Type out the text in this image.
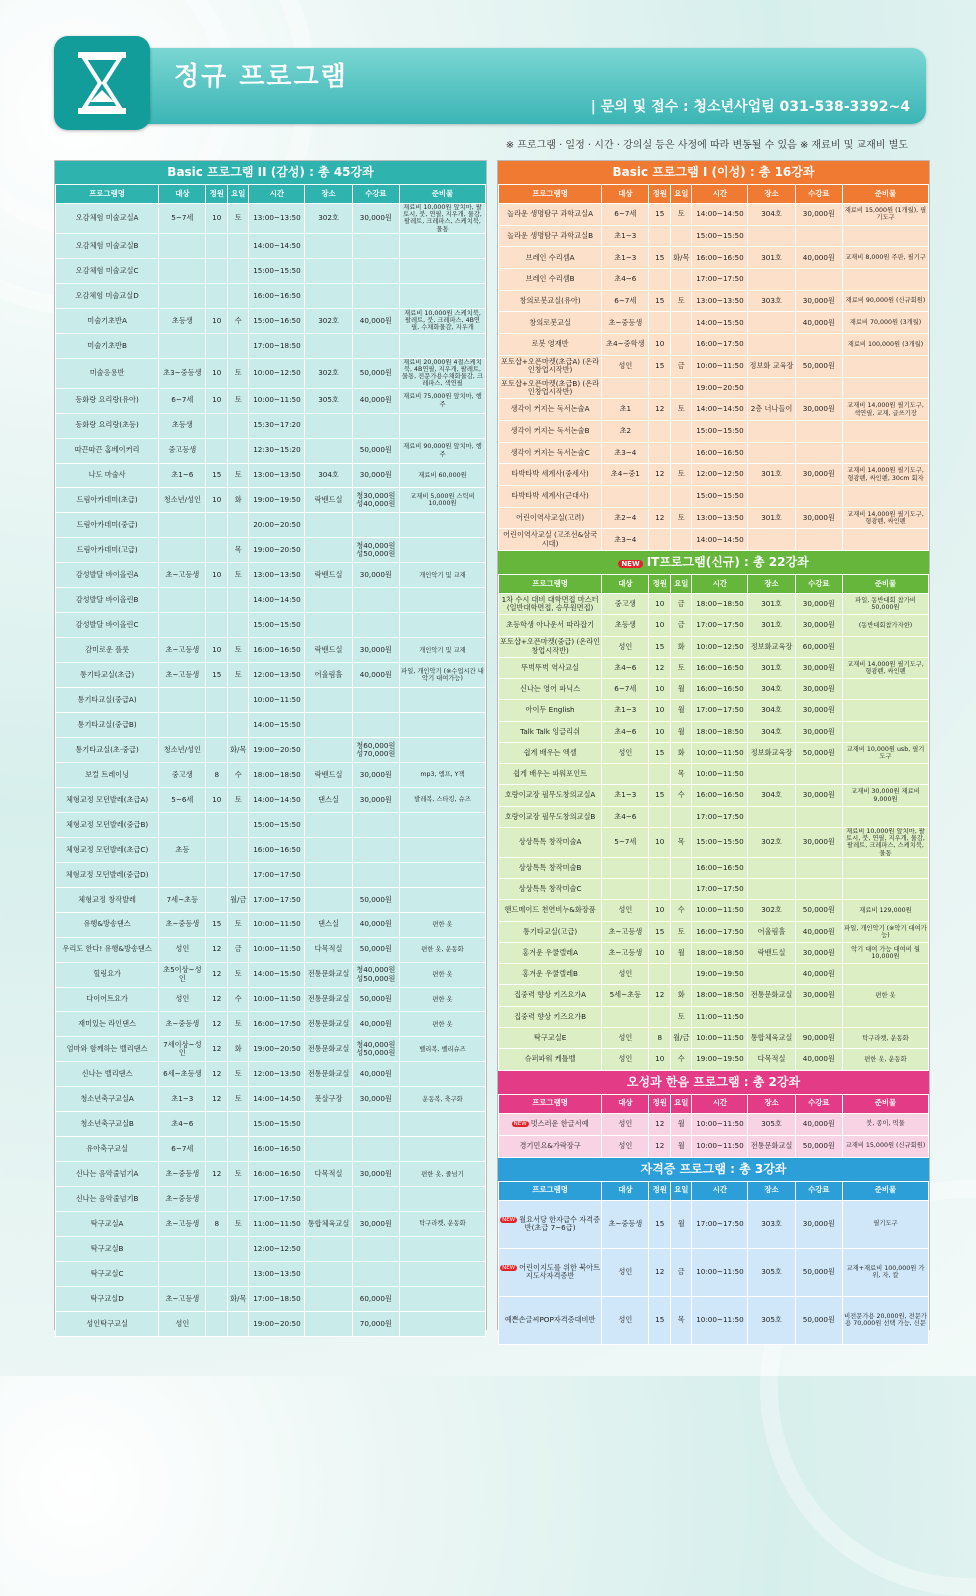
정규 프로그램
| 문의 및 접수 : 청소년사업팀 031-538-3392~4
※ 프로그램 · 일정 · 시간 · 강의실 등은 사정에 따라 변동될 수 있음 ※ 재료비 및 교재비 별도
Basic 프로그램 II (감성) : 총 45강좌
프로그램명	대상	정원	요일	시간	장소	수강료	준비물
오감체험 미술교실A	5~7세	10	토	13:00~13:50	302호	30,000원	재료비 10,000원 앞치마, 팔토시, 붓, 연필, 지우개, 물감, 팔레트, 크레파스, 스케치북, 물통
오감체험 미술교실B				14:00~14:50			
오감체험 미술교실C				15:00~15:50			
오감체험 미술교실D				16:00~16:50			
미술기초반A	초등생	10	수	15:00~16:50	302호	40,000원	재료비 10,000원 스케치북, 팔레트, 붓, 크레파스, 4B연필, 수채화물감, 지우개
미술기초반B				17:00~18:50			
미술응용반	초3~중등생	10	토	10:00~12:50	302호	50,000원	재료비 20,000원 4절스케치북, 4B연필, 지우개, 팔레트, 물통, 전문가용수채화물감, 크레파스, 색연필
동화랑 요리랑(유아)	6~7세	10	토	10:00~11:50	305호	40,000원	재료비 75,000원 앞치마, 행주
동화랑 요리랑(초등)	초등생			15:30~17:20			
따끈따끈 홈베이커리	중고등생			12:30~15:20		50,000원	재료비 90,000원 앞치마, 행주
나도 마술사	초1~6	15	토	13:00~13:50	304호	30,000원	재료비 60,000원
드림아카데미(초급)	청소년/성인	10	화	19:00~19:50	락밴드실	청30,000원 성40,000원	교재비 5,000원 스틱비 10,000원
드림아카데미(중급)				20:00~20:50			
드림아카데미(고급)			목	19:00~20:50		청40,000원 성50,000원	
감성발달 바이올린A	초~고등생	10	토	13:00~13:50	락밴드실	30,000원	개인악기 및 교재
감성발달 바이올린B				14:00~14:50			
감성발달 바이올린C				15:00~15:50			
감미로운 플룻	초~고등생	10	토	16:00~16:50	락밴드실	30,000원	개인악기 및 교재
통기타교실(초급)	초~고등생	15	토	12:00~13:50	어울림홀	40,000원	파일, 개인악기 (※수업시간 내 악기 대여가능)
통기타교실(중급A)				10:00~11:50			
통기타교실(중급B)				14:00~15:50			
통기타교실(초·중급)	청소년/성인		화/목	19:00~20:50		청60,000원 성70,000원	
보컬 트레이닝	중고생	8	수	18:00~18:50	락밴드실	30,000원	mp3, 엠프, Y잭
체형교정 모던발레(초급A)	5~6세	10	토	14:00~14:50	댄스실	30,000원	발레복, 스타킹, 슈즈
체형교정 모던발레(중급B)				15:00~15:50			
체형교정 모던발레(초급C)	초등			16:00~16:50			
체형교정 모던발레(중급D)				17:00~17:50			
체형교정 창작발레	7세~초등		월/금	17:00~17:50		50,000원	
유행&방송댄스	초~중등생	15	토	10:00~11:50	댄스실	40,000원	편한 옷
우리도 한다! 유행&방송댄스	성인	12	금	10:00~11:50	다목적실	50,000원	편한 옷, 운동화
힐링요가	초5이상~성인	12	토	14:00~15:50	전통문화교실	청40,000원 성50,000원	편한 옷
다이어트요가	성인	12	수	10:00~11:50	전통문화교실	50,000원	편한 옷
재미있는 라인댄스	초~중등생	12	토	16:00~17:50	전통문화교실	40,000원	편한 옷
엄마와 함께하는 벨리댄스	7세이상~성인	12	화	19:00~20:50	전통문화교실	청40,000원 성50,000원	벨리복, 벨리슈즈
신나는 벨리댄스	6세~초등생	12	토	12:00~13:50	전통문화교실	40,000원	
청소년축구교실A	초1~3	12	토	14:00~14:50	풋살구장	30,000원	운동복, 축구화
청소년축구교실B	초4~6			15:00~15:50			
유아축구교실	6~7세			16:00~16:50			
신나는 음악줄넘기A	초~중등생	12	토	16:00~16:50	다목적실	30,000원	편한 옷, 줄넘기
신나는 음악줄넘기B	초~중등생			17:00~17:50			
탁구교실A	초~고등생	8	토	11:00~11:50	통합체육교실	30,000원	탁구라켓, 운동화
탁구교실B				12:00~12:50			
탁구교실C				13:00~13:50			
탁구교실D	초~고등생		화/목	17:00~18:50		60,000원	
성인탁구교실	성인			19:00~20:50		70,000원	
Basic 프로그램 I (이성) : 총 16강좌
프로그램명	대상	정원	요일	시간	장소	수강료	준비물
놀라운 생명탐구 과학교실A	6~7세	15	토	14:00~14:50	304호	30,000원	재료비 15,000원 (1개월), 필기도구
놀라운 생명탐구 과학교실B	초1~3			15:00~15:50			
브레인 수리셈A	초1~3	15	화/목	16:00~16:50	301호	40,000원	교재비 8,000원 주판, 필기구
브레인 수리셈B	초4~6			17:00~17:50			
창의로봇교실(유아)	6~7세	15	토	13:00~13:50	303호	30,000원	재료비 90,000원 (신규회원)
창의로봇교실	초~중등생			14:00~15:50		40,000원	재료비 70,000원 (3개월)
로봇 영재반	초4~중학생	10		16:00~17:50			재료비 100,000원 (3개월)
포토샵+오픈마켓(초급A) (온라인창업시작반)	성인	15	금	10:00~11:50	정보화 교육장	50,000원	
포토샵+오픈마켓(초급B) (온라인창업시작반)				19:00~20:50			
생각이 커지는 독서논술A	초1	12	토	14:00~14:50	2층 너나들이	30,000원	교재비 14,000원 필기도구, 색연필, 교재, 글쓰기장
생각이 커지는 독서논술B	초2			15:00~15:50			
생각이 커지는 독서논술C	초3~4			16:00~16:50			
타박타박 세계사(중세사)	초4~중1	12	토	12:00~12:50	301호	30,000원	교재비 14,000원 필기도구, 형광펜, 싸인펜, 30cm 회자
타박타박 세계사(근대사)				15:00~15:50			
어린이역사교실(고려)	초2~4	12	토	13:00~13:50	301호	30,000원	교재비 14,000원 필기도구, 형광펜, 싸인펜
어린이역사교실 (고조선&삼국시대)	초3~4			14:00~14:50			
NEW IT프로그램(신규) : 총 22강좌
프로그램명	대상	정원	요일	시간	장소	수강료	준비물
1차 수시 대비 대학면접 마스터 (일반대학면접, 승무원면접)	중고생	10	금	18:00~18:50	301호	30,000원	파일, 동반대회 참가비 50,000원
초등학생 아나운서 따라잡기	초등생	10	금	17:00~17:50	301호	30,000원	(동반대회참가자한)
포토샵+오픈마켓(중급) (온라인창업시작반)	성인	15	화	10:00~12:50	정보화교육장	60,000원	
뚜벅뚜벅 역사교실	초4~6	12	토	16:00~16:50	301호	30,000원	교재비 14,000원 필기도구, 형광펜, 싸인펜
신나는 영어 파닉스	6~7세	10	월	16:00~16:50	304호	30,000원	
아이두 English	초1~3	10	월	17:00~17:50	304호	30,000원	
Talk Talk 잉글리쉬	초4~6	10	월	18:00~18:50	304호	30,000원	
쉽게 배우는 엑셀	성인	15	화	10:00~11:50	정보화교육장	50,000원	교재비 10,000원 usb, 필기도구
쉽게 배우는 파워포인트			목	10:00~11:50			
호랑이교장 필무도창의교실A	초1~3	15	수	16:00~16:50	304호	30,000원	교재비 30,000원 재료비 9,000원
호랑이교장 필무도창의교실B	초4~6			17:00~17:50			
상상톡톡 창작미술A	5~7세	10	목	15:00~15:50	302호	30,000원	재료비 10,000원 앞치마, 팔토시, 붓, 연필, 지우개, 물감, 팔레트, 크레파스, 스케치북, 물통
상상톡톡 창작미술B				16:00~16:50			
상상톡톡 창작미술C				17:00~17:50			
핸드메이드 천연비누&화장품	성인	10	수	10:00~11:50	302호	50,000원	재료비 129,000원
통기타교실(고급)	초~고등생	15	토	16:00~17:50	어울림홀	40,000원	파일, 개인악기 (※악기 대여가능)
홍겨운 우쿨렐레A	초~고등생	10	월	18:00~18:50	락밴드실	30,000원	악기 대여 가능 대여비 월 10,000원
홍겨운 우쿨렐레B	성인			19:00~19:50		40,000원	
집중력 향상 키즈요가A	5세~초등	12	화	18:00~18:50	전통문화교실	30,000원	편한 옷
집중력 향상 키즈요가B			토	11:00~11:50			
탁구교실E	성인	8	월/금	10:00~11:50	통합체육교실	90,000원	탁구라켓, 운동화
슈퍼파워 케틀벨	성인	10	수	19:00~19:50	다목적실	40,000원	편한 옷, 운동화
오성과 한음 프로그램 : 총 2강좌
프로그램명	대상	정원	요일	시간	장소	수강료	준비물
NEW 멋스러운 한글서예	성인	12	월	10:00~11:50	305호	40,000원	붓, 종이, 먹물
경기민요&가락장구	성인	12	월	10:00~11:50	전통문화교실	50,000원	교재비 15,000원 (신규회원)
자격증 프로그램 : 총 3강좌
프로그램명	대상	정원	요일	시간	장소	수강료	준비물
NEW 월요서당 한자급수 자격증반(초급 7~6급)	초~중등생	15	월	17:00~17:50	303호	30,000원	필기도구
NEW 어린이지도를 위한 북아트지도사자격증반	성인	12	금	10:00~11:50	305호	50,000원	교재+재료비 100,000원 가위, 자, 칼
예쁜손글씨POP자격증대비반	성인	15	목	10:00~11:50	305호	50,000원	비전문가용 20,000원, 전문가용 70,000원 선택 가능, 신문
